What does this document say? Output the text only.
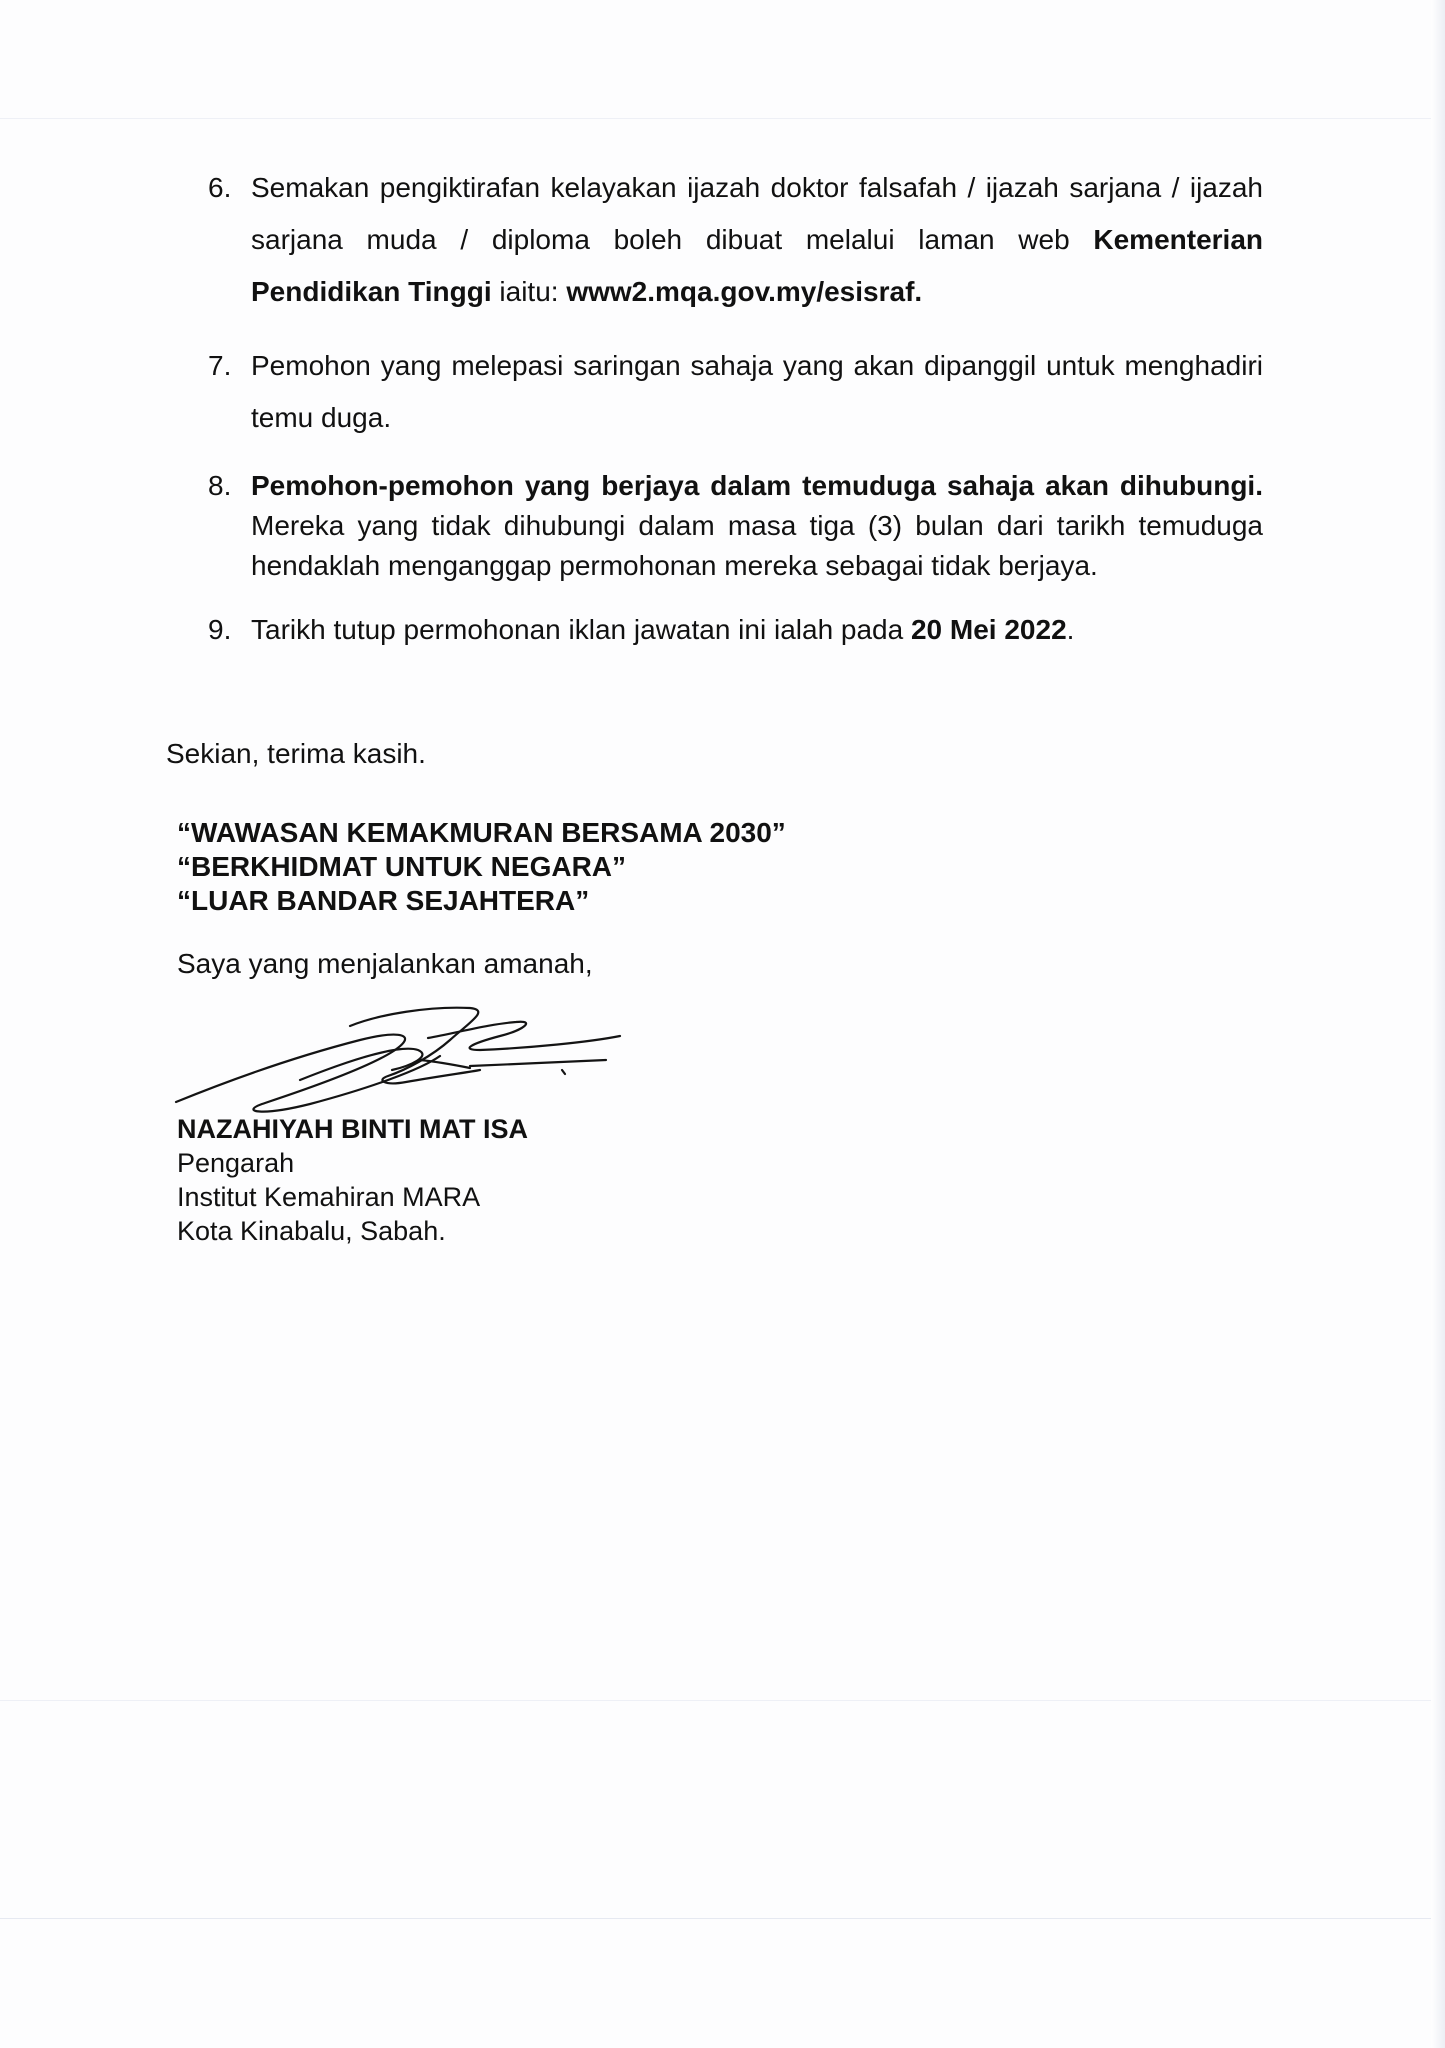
6. Semakan pengiktirafan kelayakan ijazah doktor falsafah / ijazah sarjana / ijazah sarjana muda / diploma boleh dibuat melalui laman web Kementerian Pendidikan Tinggi iaitu: www2.mqa.gov.my/esisraf.
7. Pemohon yang melepasi saringan sahaja yang akan dipanggil untuk menghadiri temu duga.
8. Pemohon-pemohon yang berjaya dalam temuduga sahaja akan dihubungi. Mereka yang tidak dihubungi dalam masa tiga (3) bulan dari tarikh temuduga hendaklah menganggap permohonan mereka sebagai tidak berjaya.
9. Tarikh tutup permohonan iklan jawatan ini ialah pada 20 Mei 2022.
Sekian, terima kasih.
“WAWASAN KEMAKMURAN BERSAMA 2030”
“BERKHIDMAT UNTUK NEGARA”
“LUAR BANDAR SEJAHTERA”
Saya yang menjalankan amanah,
NAZAHIYAH BINTI MAT ISA
Pengarah
Institut Kemahiran MARA
Kota Kinabalu, Sabah.
